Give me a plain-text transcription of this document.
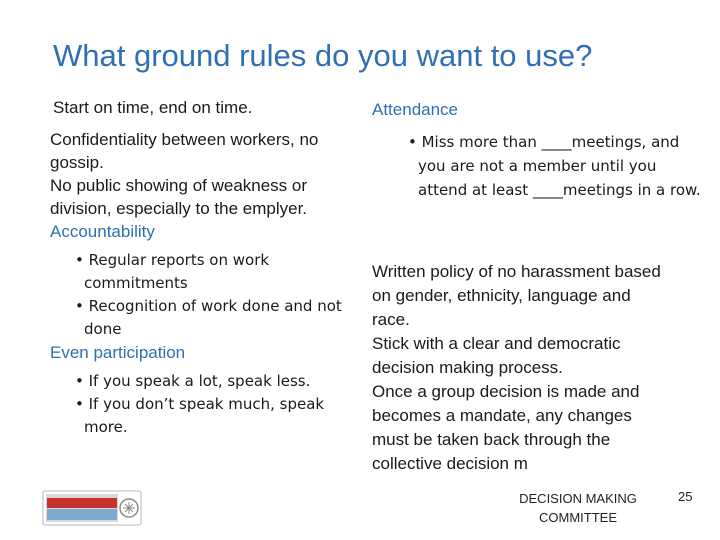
What ground rules do you want to use?
Start on time, end on time.	Attendance

Confidentiality between workers, no gossip.

No public showing of weakness or division, especially to the emplyer.

Accountability

• Regular reports on work commitments

• Recognition of work done and not done

Even participation

• If you speak a lot, speak less.

• If you don’t speak much, speak more.

• Miss more than ____meetings, and you are not a member until you attend at least ____meetings in a row.

Written policy of no harassment based on gender, ethnicity, language and race.

Stick with a clear and democratic decision making process.

Once a group decision is made and becomes a mandate, any changes must be taken back through the collective decision m

DECISION MAKING COMMITTEE
25
